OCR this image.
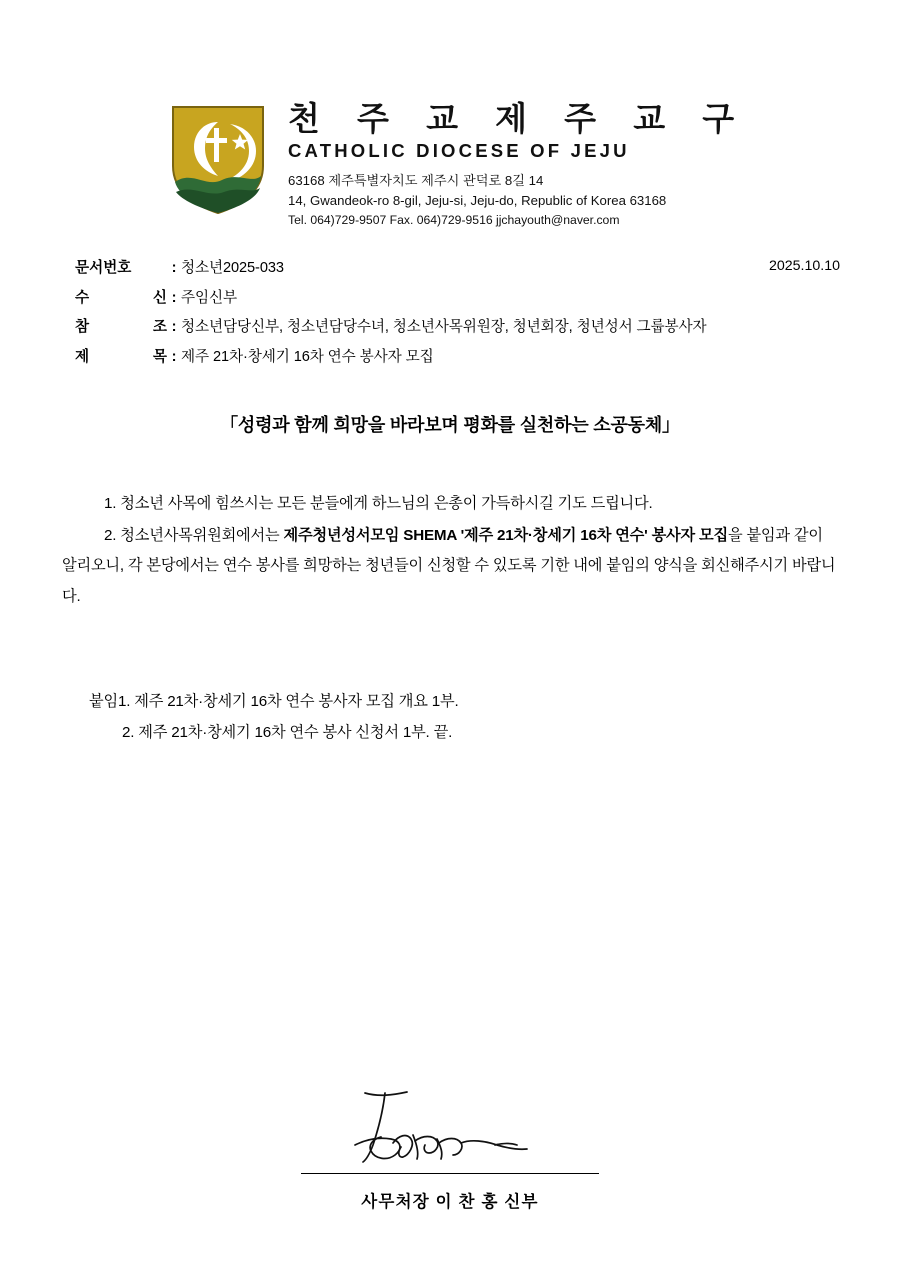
천 주 교 제 주 교 구
CATHOLIC DIOCESE OF JEJU
63168 제주특별자치도 제주시 관덕로 8길 14
14, Gwandeok-ro 8-gil, Jeju-si, Jeju-do, Republic of Korea 63168
Tel. 064)729-9507 Fax. 064)729-9516 jjchayouth@naver.com
2025.10.10
문서번호	: 청소년2025-033
수	신 : 주임신부
참	조 : 청소년담당신부, 청소년담당수녀, 청소년사목위원장, 청년회장, 청년성서 그룹봉사자
제	목 : 제주 21차·창세기 16차 연수 봉사자 모집
「성령과 함께 희망을 바라보며 평화를 실천하는 소공동체」

1. 청소년 사목에 힘쓰시는 모든 분들에게 하느님의 은총이 가득하시길 기도 드립니다.

2. 청소년사목위원회에서는 제주청년성서모임 SHEMA '제주 21차·창세기 16차 연수' 봉사자 모집을 붙임과 같이 알리오니, 각 본당에서는 연수 봉사를 희망하는 청년들이 신청할 수 있도록 기한 내에 붙임의 양식을 회신해주시기 바랍니다.

붙임1. 제주 21차·창세기 16차 연수 봉사자 모집 개요 1부.
2. 제주 21차·창세기 16차 연수 봉사 신청서 1부. 끝.
사무처장 이 찬 홍 신부
